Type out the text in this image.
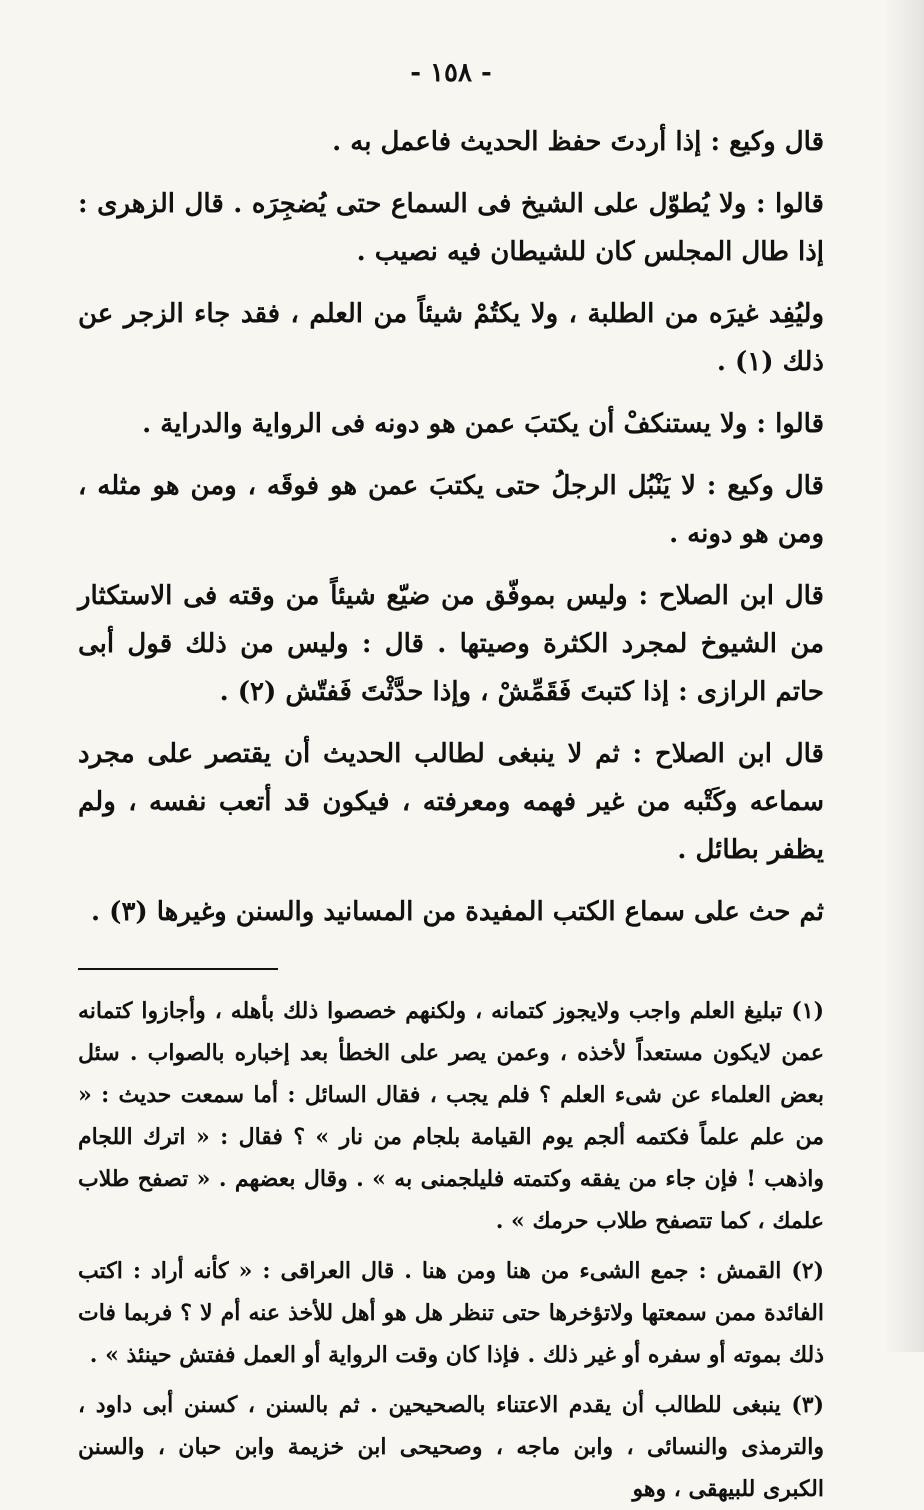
- ١٥٨ -

قال وكيع : إذا أردتَ حفظ الحديث فاعمل به .

قالوا : ولا يُطوّل على الشيخ فى السماع حتى يُضجِرَه . قال الزهرى : إذا طال المجلس كان للشيطان فيه نصيب .

وليُفِد غيرَه من الطلبة ، ولا يكتُمْ شيئاً من العلم ، فقد جاء الزجر عن ذلك (١) .

قالوا : ولا يستنكفْ أن يكتبَ عمن هو دونه فى الرواية والدراية .

قال وكيع : لا يَنْبُل الرجلُ حتى يكتبَ عمن هو فوقَه ، ومن هو مثله ، ومن هو دونه .

قال ابن الصلاح : وليس بموفّق من ضيّع شيئاً من وقته فى الاستكثار من الشيوخ لمجرد الكثرة وصيتها . قال : وليس من ذلك قول أبى حاتم الرازى : إذا كتبتَ فَقَمِّشْ ، وإذا حدَّثْتَ فَفتّش (٢) .

قال ابن الصلاح : ثم لا ينبغى لطالب الحديث أن يقتصر على مجرد سماعه وكَتْبه من غير فهمه ومعرفته ، فيكون قد أتعب نفسه ، ولم يظفر بطائل .

ثم حث على سماع الكتب المفيدة من المسانيد والسنن وغيرها (٣) .

(١) تبليغ العلم واجب ولايجوز كتمانه ، ولكنهم خصصوا ذلك بأهله ، وأجازوا كتمانه عمن لايكون مستعداً لأخذه ، وعمن يصر على الخطأ بعد إخباره بالصواب . سئل بعض العلماء عن شىء العلم ؟ فلم يجب ، فقال السائل : أما سمعت حديث : « من علم علماً فكتمه ألجم يوم القيامة بلجام من نار » ؟ فقال : « اترك اللجام واذهب ! فإن جاء من يفقه وكتمته فليلجمنى به » . وقال بعضهم . « تصفح طلاب علمك ، كما تتصفح طلاب حرمك » .

(٢) القمش : جمع الشىء من هنا ومن هنا . قال العراقى : « كأنه أراد : اكتب الفائدة ممن سمعتها ولاتؤخرها حتى تنظر هل هو أهل للأخذ عنه أم لا ؟ فربما فات ذلك بموته أو سفره أو غير ذلك . فإذا كان وقت الرواية أو العمل ففتش حينئذ » .

(٣) ينبغى للطالب أن يقدم الاعتناء بالصحيحين . ثم بالسنن ، كسنن أبى داود ، والترمذى والنسائى ، وابن ماجه ، وصحيحى ابن خزيمة وابن حبان ، والسنن الكبرى للبيهقى ، وهو
